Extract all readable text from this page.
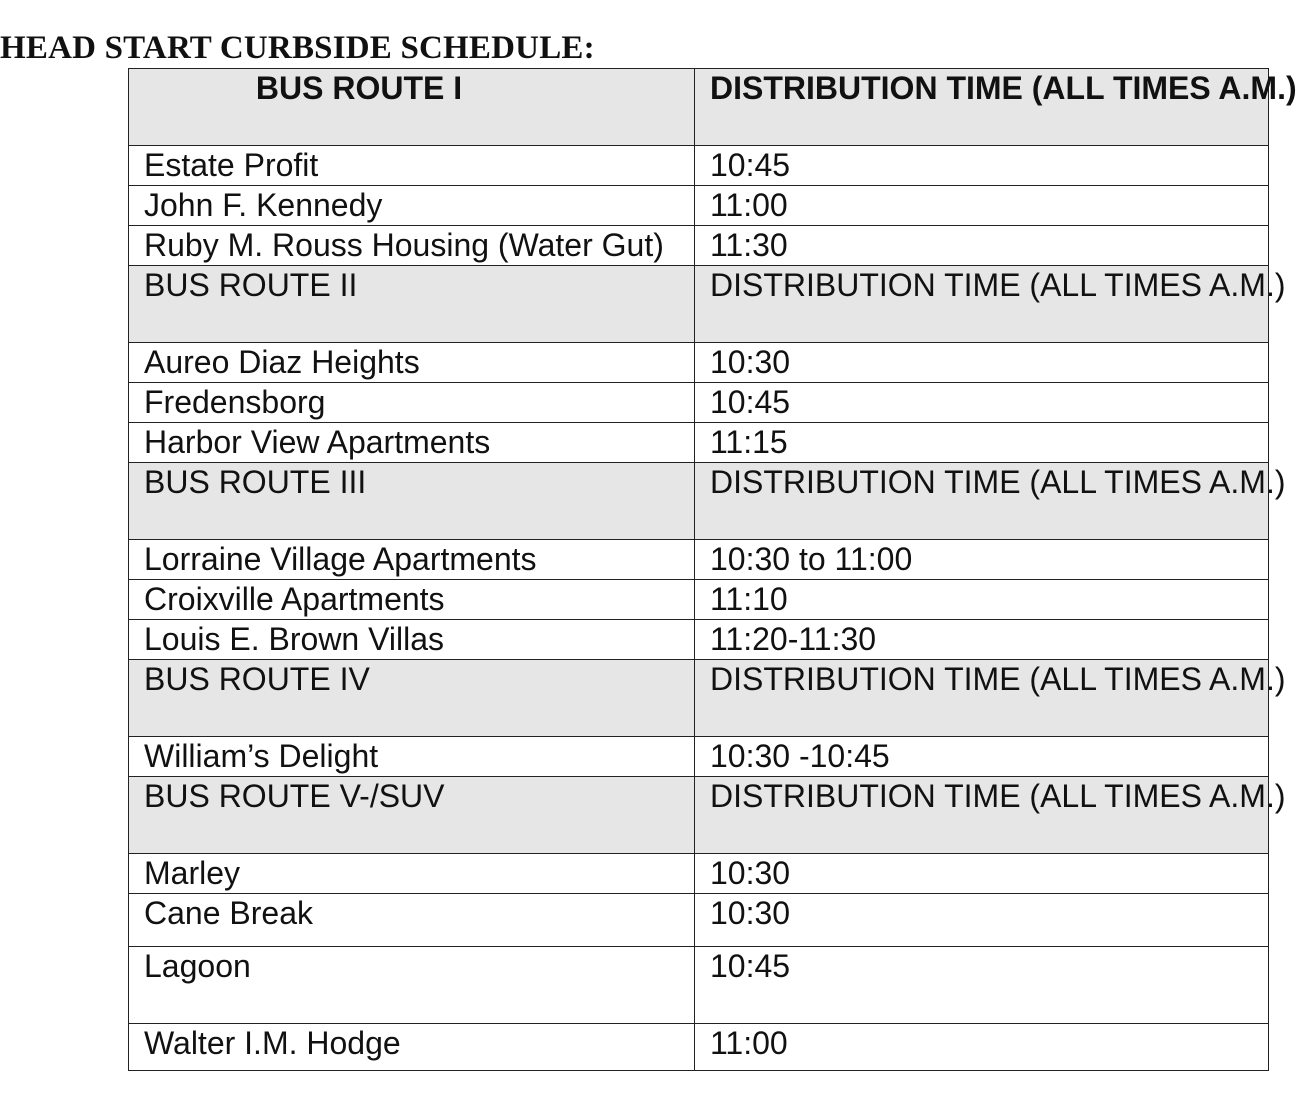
HEAD START CURBSIDE SCHEDULE:
BUS ROUTE I	DISTRIBUTION TIME (ALL TIMES A.M.)
Estate Profit	10:45
John F. Kennedy	11:00
Ruby M. Rouss Housing (Water Gut)	11:30
BUS ROUTE II	DISTRIBUTION TIME (ALL TIMES A.M.)
Aureo Diaz Heights	10:30
Fredensborg	10:45
Harbor View Apartments	11:15
BUS ROUTE III	DISTRIBUTION TIME (ALL TIMES A.M.)
Lorraine Village Apartments	10:30 to 11:00
Croixville Apartments	11:10
Louis E. Brown Villas	11:20-11:30
BUS ROUTE IV	DISTRIBUTION TIME (ALL TIMES A.M.)
William’s Delight	10:30 -10:45
BUS ROUTE V-/SUV	DISTRIBUTION TIME (ALL TIMES A.M.)
Marley	10:30
Cane Break	10:30
Lagoon	10:45
Walter I.M. Hodge	11:00
